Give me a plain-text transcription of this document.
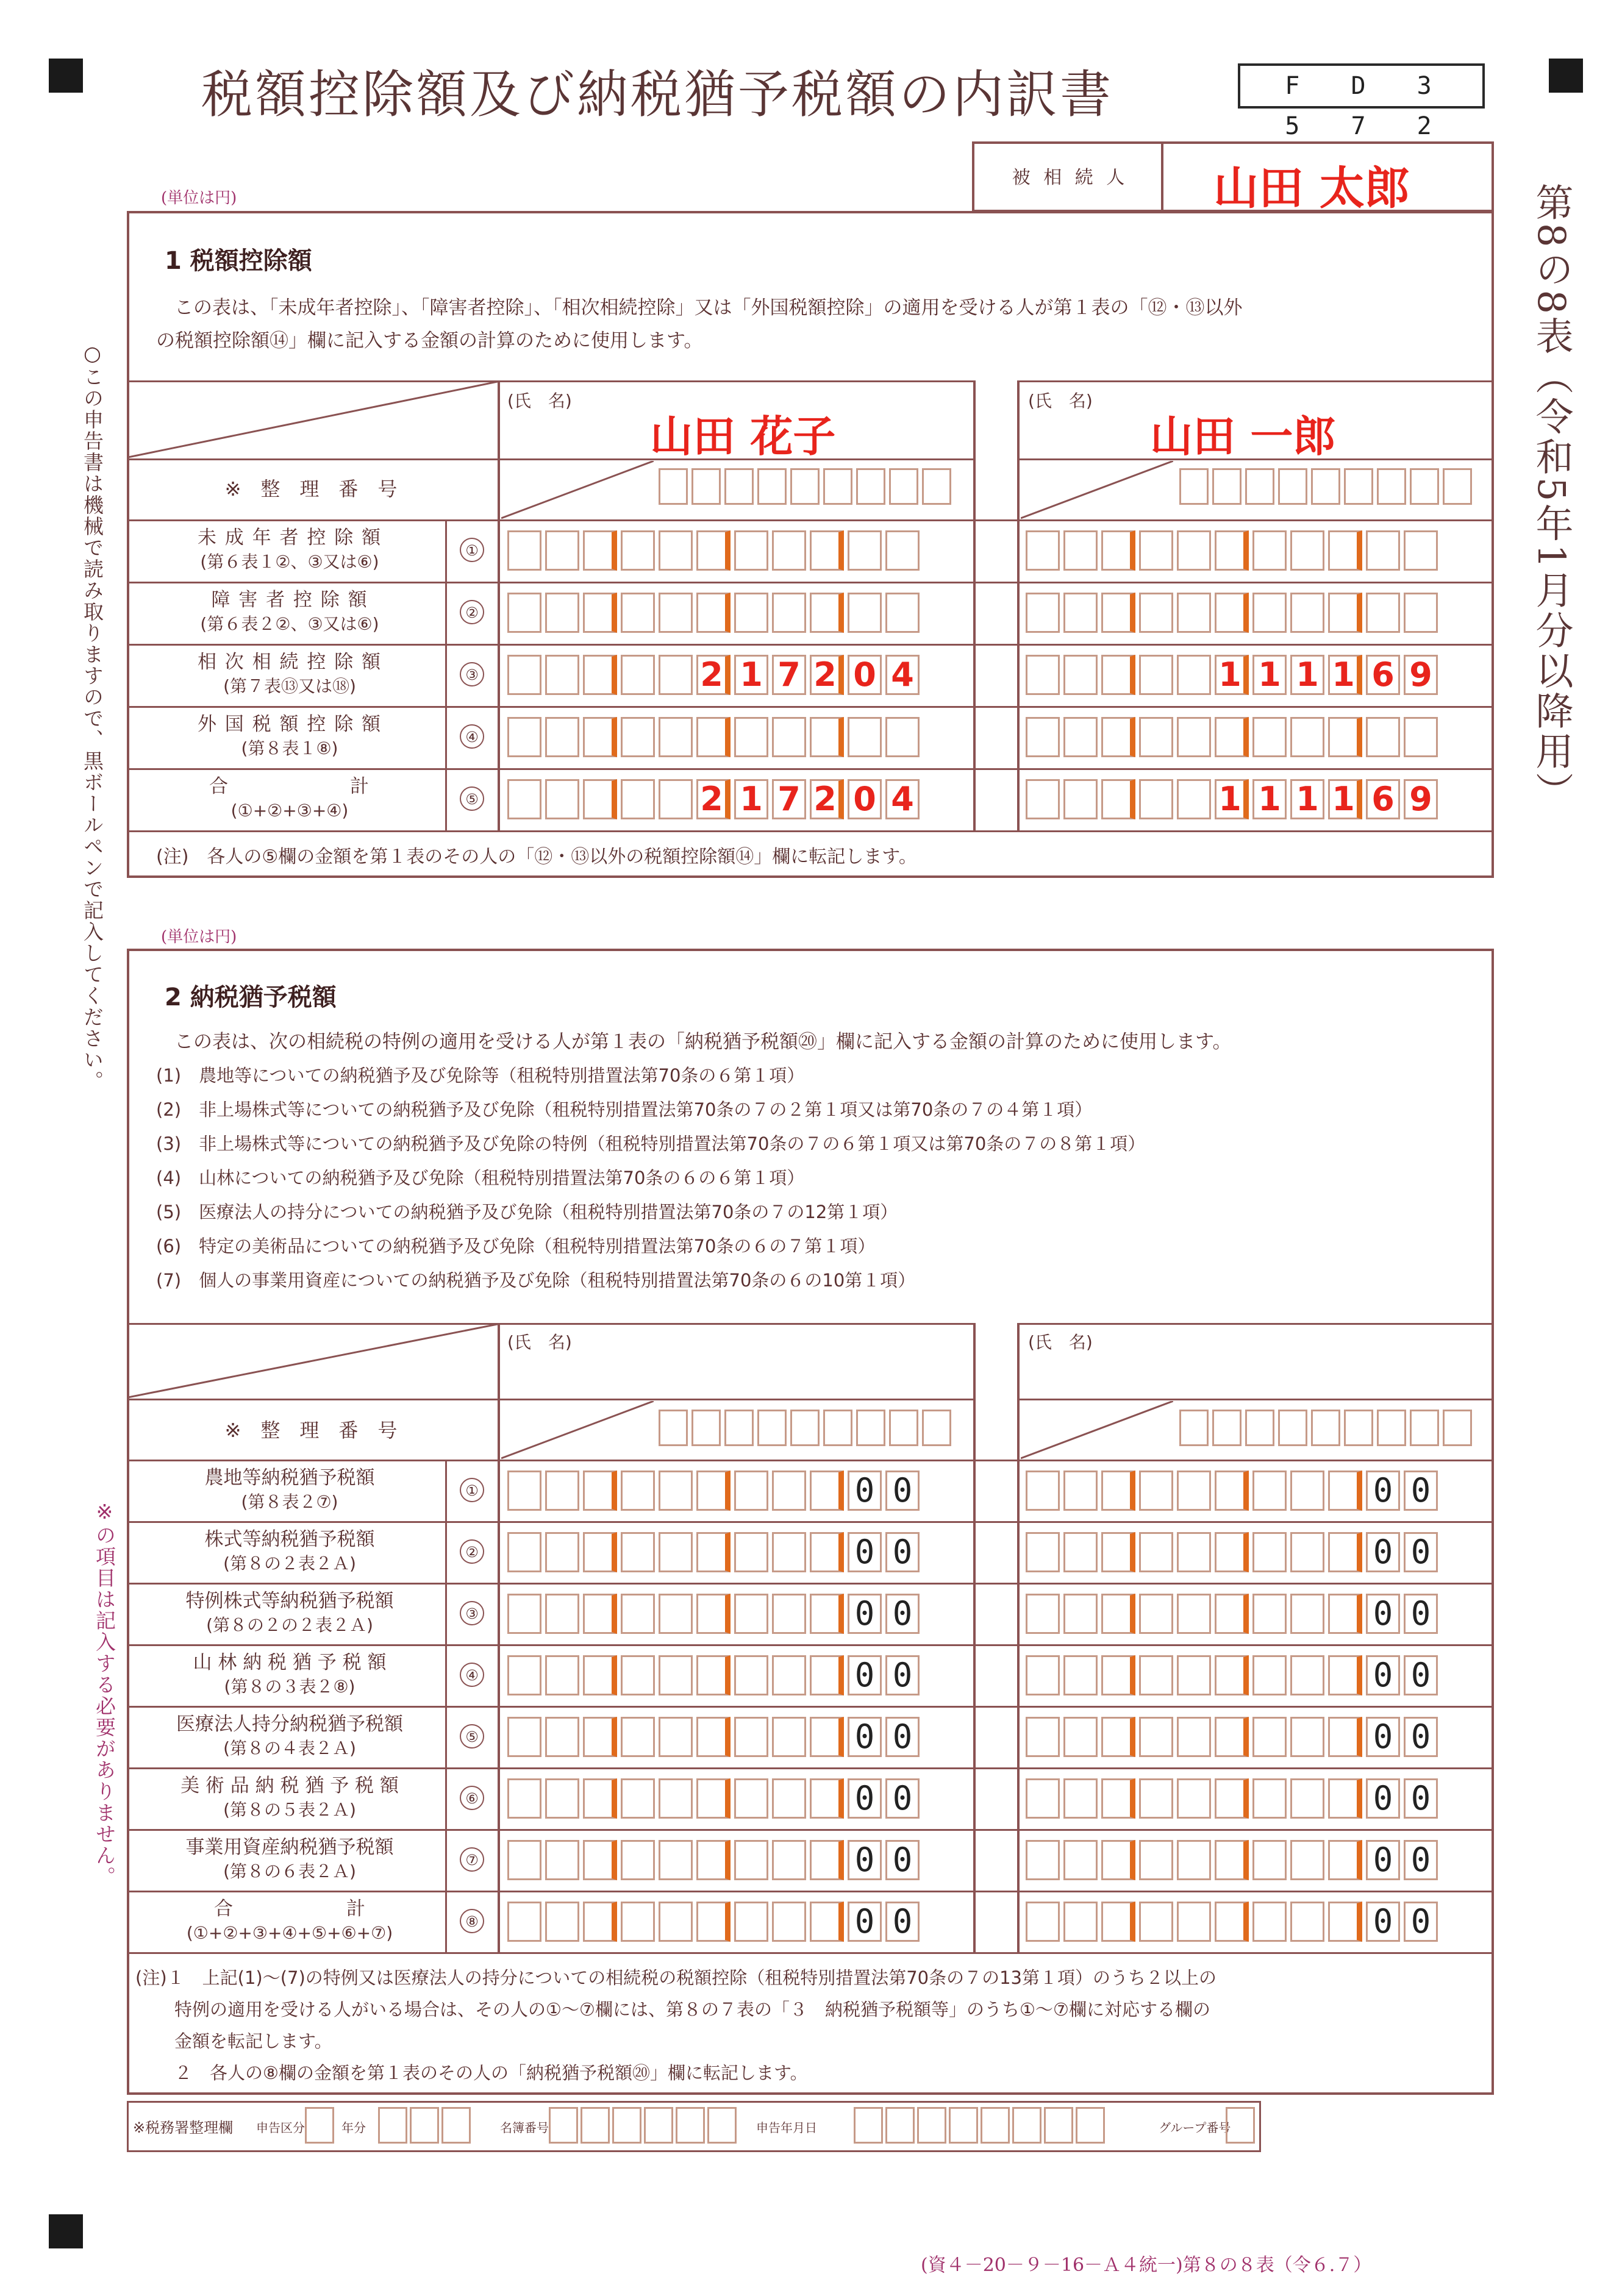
税額控除額及び納税猶予税額の内訳書	F D 3 5 7 2
第8の8表（令和5年1月分以降用）
○この申告書は機械で読み取りますので、黒ボールペンで記入してください。
※の項目は記入する必要がありません。
(単位は円)
被 相 続 人	山田 太郎
1 税額控除額
この表は、「未成年者控除」、「障害者控除」、「相次相続控除」又は「外国税額控除」の適用を受ける人が第１表の「⑫・⑬以外
の税額控除額⑭」欄に記入する金額の計算のために使用します。
(氏　名)	(氏　名)
山田 花子	山田 一郎
※　整　理　番　号
未 成 年 者 控 除 額
(第６表１②、③又は⑥)
①
障 害 者 控 除 額
(第６表２②、③又は⑥)
②
相 次 相 続 控 除 額
(第７表⑬又は⑱)
③	2 1 7 2 0 4	1 1 1 1 6 9
外 国 税 額 控 除 額
(第８表１⑧)
④
合　　　　　　計
(①+②+③+④)
⑤	2 1 7 2 0 4	1 1 1 1 6 9
(注)　各人の⑤欄の金額を第１表のその人の「⑫・⑬以外の税額控除額⑭」欄に転記します。
(単位は円)
2 納税猶予税額
この表は、次の相続税の特例の適用を受ける人が第１表の「納税猶予税額⑳」欄に記入する金額の計算のために使用します。
(1)　農地等についての納税猶予及び免除等（租税特別措置法第70条の６第１項）
(2)　非上場株式等についての納税猶予及び免除（租税特別措置法第70条の７の２第１項又は第70条の７の４第１項）
(3)　非上場株式等についての納税猶予及び免除の特例（租税特別措置法第70条の７の６第１項又は第70条の７の８第１項）
(4)　山林についての納税猶予及び免除（租税特別措置法第70条の６の６第１項）
(5)　医療法人の持分についての納税猶予及び免除（租税特別措置法第70条の７の12第１項）
(6)　特定の美術品についての納税猶予及び免除（租税特別措置法第70条の６の７第１項）
(7)　個人の事業用資産についての納税猶予及び免除（租税特別措置法第70条の６の10第１項）
(氏　名)	(氏　名)
※　整　理　番　号
農地等納税猶予税額
(第８表２⑦)
①	0 0	0 0
株式等納税猶予税額
(第８の２表２Ａ)
②	0 0	0 0
特例株式等納税猶予税額
(第８の２の２表２Ａ)
③	0 0	0 0
山 林 納 税 猶 予 税 額
(第８の３表２⑧)
④	0 0	0 0
医療法人持分納税猶予税額
(第８の４表２Ａ)
⑤	0 0	0 0
美 術 品 納 税 猶 予 税 額
(第８の５表２Ａ)
⑥	0 0	0 0
事業用資産納税猶予税額
(第８の６表２Ａ)
⑦	0 0	0 0
合　　　　　　計
(①+②+③+④+⑤+⑥+⑦)
⑧	0 0	0 0
(注)１　上記(1)～(7)の特例又は医療法人の持分についての相続税の税額控除（租税特別措置法第70条の７の13第１項）のうち２以上の
特例の適用を受ける人がいる場合は、その人の①～⑦欄には、第８の７表の「３　納税猶予税額等」のうち①～⑦欄に対応する欄の
金額を転記します。
２　各人の⑧欄の金額を第１表のその人の「納税猶予税額⑳」欄に転記します。
※税務署整理欄 申告区分	年分	名簿番号	申告年月日	グループ番号
(資４－20－９－16－Ａ４統一)第８の８表（令６.７）
